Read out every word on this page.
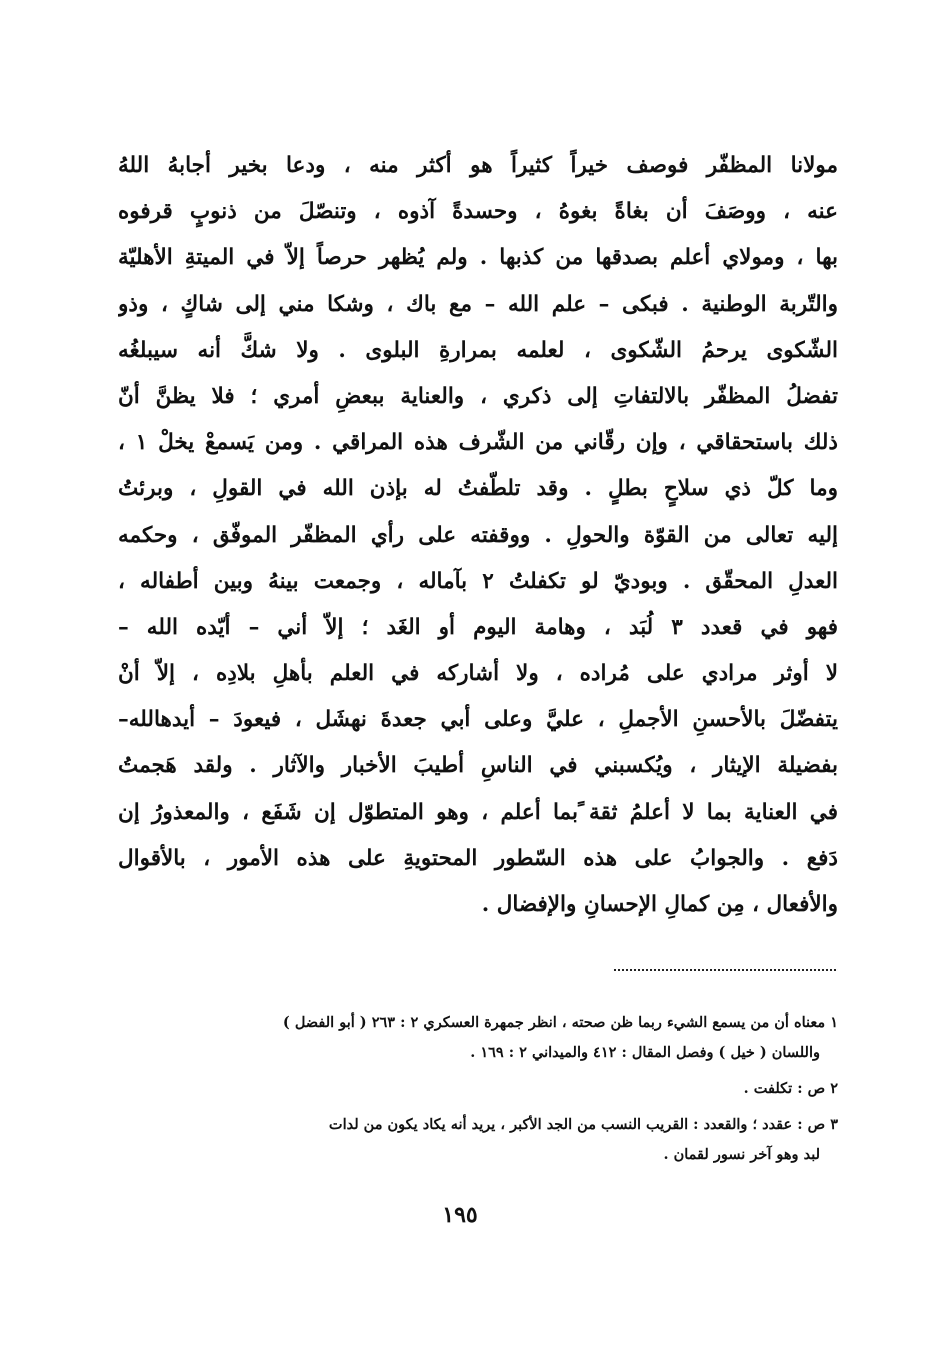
مولانا المظفّر فوصف خيراً كثيراً هو أكثر منه ، ودعا بخير أجابهُ اللهُ
عنه ، ووصَفَ أن بغاةً بغوهُ ، وحسدةً آذوه ، وتنصّلَ من ذنوبٍ قرفوه
بها ، ومولاي أعلم بصدقها من كذبها . ولم يُظهر حرصاً إلاّ في الميتةِ الأهليّة
والتّربة الوطنية . فبكى – علم الله – مع باك ، وشكا مني إلى شاكٍ ، وذو
الشّكوى يرحمُ الشّكوى ، لعلمه بمرارةِ البلوى . ولا شكَّ أنه سيبلغُه
تفضلُ المظفّر بالالتفاتِ إلى ذكري ، والعناية ببعضِ أمري ؛ فلا يظنَّ أنّ
ذلك باستحقاقي ، وإن رقّاني من الشّرف هذه المراقي . ومن يَسمعْ يخلْ ١ ،
وما كلّ ذي سلاحٍ بطلٍ . وقد تلطّفتُ له بإذن الله في القولِ ، وبرئتُ
إليه تعالى من القوّة والحولِ . ووقفته على رأي المظفّر الموفّق ، وحكمه
العدلِ المحقّق . وبوديّ لو تكفلتُ ٢ بآماله ، وجمعت بينهُ وبين أطفاله ،
فهو في قعدد ٣ لُبَد ، وهامة اليوم أو الغَد ؛ إلاّ أني – أيّده الله –
لا أوثر مرادي على مُراده ، ولا أشاركه في العلم بأهلِ بلادِه ، إلاّ أنْ
يتفضّلَ بالأحسنِ الأجملِ ، عليَّ وعلى أبي جعدةَ نهشَل ، فيعودَ – أيدهالله–
بفضيلة الإيثار ، ويُكسبني في الناسِ أطيبَ الأخبار والآثار . ولقد هَجمتُ
في العناية بما لا أعلمُ ثقة ًبما أعلم ، وهو المتطوّل إن شَفَع ، والمعذورُ إن
دَفع . والجوابُ على هذه السّطور المحتويةِ على هذه الأمور ، بالأقوال
والأفعال ، مِن كمالِ الإحسانِ والإفضال .
١ معناه أن من يسمع الشيء ربما ظن صحته ، انظر جمهرة العسكري ٢ : ٢٦٣ ( أبو الفضل )
واللسان ( خيل ) وفصل المقال : ٤١٢ والميداني ٢ : ١٦٩ .
٢ ص : تكلفت .
٣ ص : عقدد ؛ والقعدد : القريب النسب من الجد الأكبر ، يريد أنه يكاد يكون من لدات
لبد وهو آخر نسور لقمان .
١٩٥
